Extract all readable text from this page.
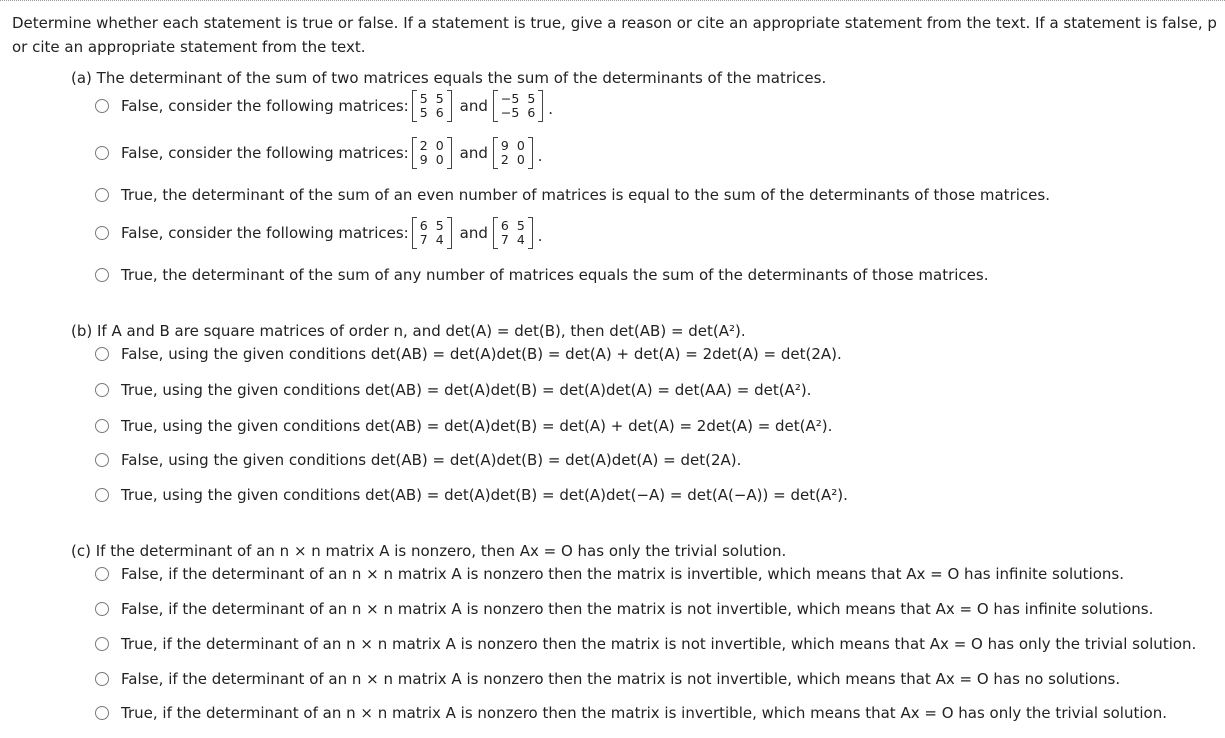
Determine whether each statement is true or false. If a statement is true, give a reason or cite an appropriate statement from the text. If a statement is false, p
or cite an appropriate statement from the text.
(a) The determinant of the sum of two matrices equals the sum of the determinants of the matrices.
False, consider the following matrices: 5 5
5 6 and −5 5
−5 6 .
False, consider the following matrices: 2 0
9 0 and 9 0
2 0 .
True, the determinant of the sum of an even number of matrices is equal to the sum of the determinants of those matrices.
False, consider the following matrices: 6 5
7 4 and 6 5
7 4 .
True, the determinant of the sum of any number of matrices equals the sum of the determinants of those matrices.
(b) If A and B are square matrices of order n, and det(A) = det(B), then det(AB) = det(A²).
False, using the given conditions det(AB) = det(A)det(B) = det(A) + det(A) = 2det(A) = det(2A).
True, using the given conditions det(AB) = det(A)det(B) = det(A)det(A) = det(AA) = det(A²).
True, using the given conditions det(AB) = det(A)det(B) = det(A) + det(A) = 2det(A) = det(A²).
False, using the given conditions det(AB) = det(A)det(B) = det(A)det(A) = det(2A).
True, using the given conditions det(AB) = det(A)det(B) = det(A)det(−A) = det(A(−A)) = det(A²).
(c) If the determinant of an n × n matrix A is nonzero, then Ax = O has only the trivial solution.
False, if the determinant of an n × n matrix A is nonzero then the matrix is invertible, which means that Ax = O has infinite solutions.
False, if the determinant of an n × n matrix A is nonzero then the matrix is not invertible, which means that Ax = O has infinite solutions.
True, if the determinant of an n × n matrix A is nonzero then the matrix is not invertible, which means that Ax = O has only the trivial solution.
False, if the determinant of an n × n matrix A is nonzero then the matrix is not invertible, which means that Ax = O has no solutions.
True, if the determinant of an n × n matrix A is nonzero then the matrix is invertible, which means that Ax = O has only the trivial solution.
